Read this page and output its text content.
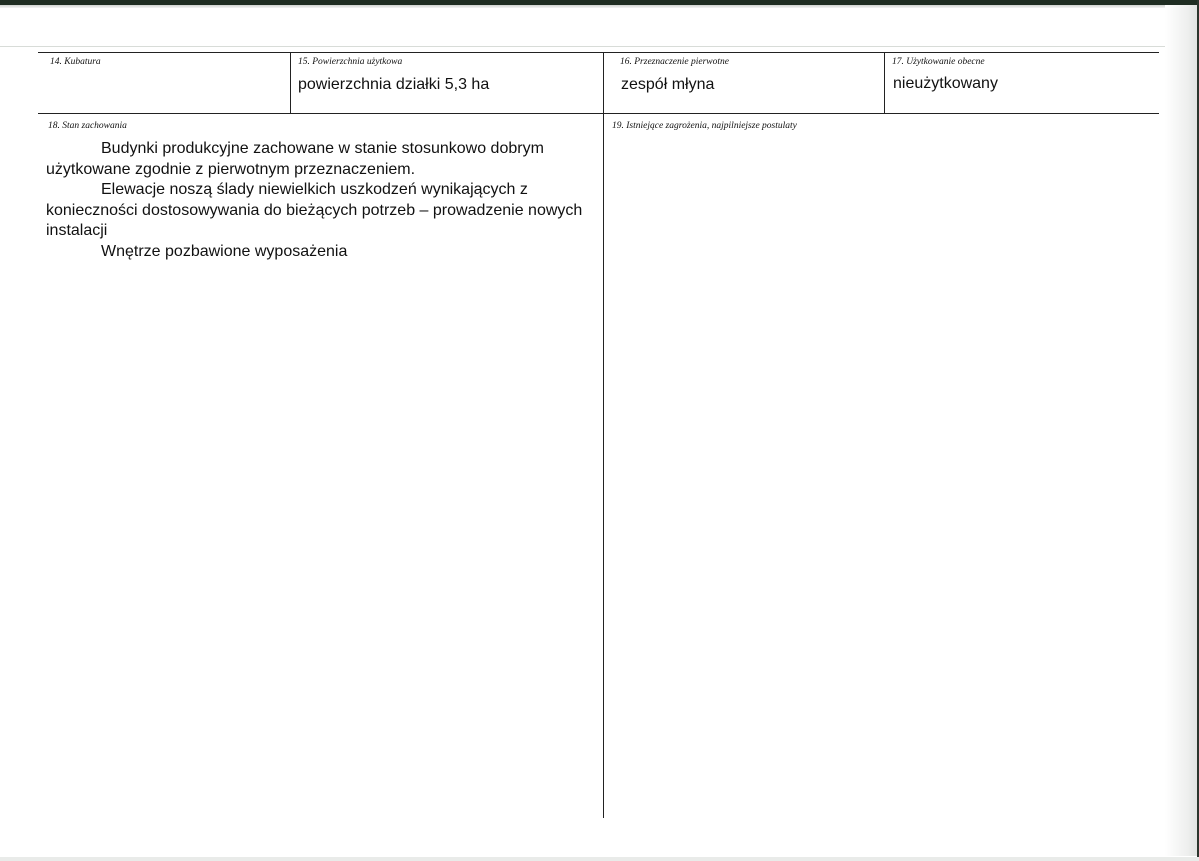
14. Kubatura	15. Powierzchnia użytkowa
powierzchnia działki 5,3 ha
16. Przeznaczenie pierwotne
zespół młyna
17. Użytkowanie obecne
nieużytkowany
18. Stan zachowania

Budynki produkcyjne zachowane w stanie stosunkowo dobrym użytkowane zgodnie z pierwotnym przeznaczeniem.

Elewacje noszą ślady niewielkich uszkodzeń wynikających z konieczności dostosowywania do bieżących potrzeb – prowadzenie nowych instalacji

Wnętrze pozbawione wyposażenia

19. Istniejące zagrożenia, najpilniejsze postulaty
